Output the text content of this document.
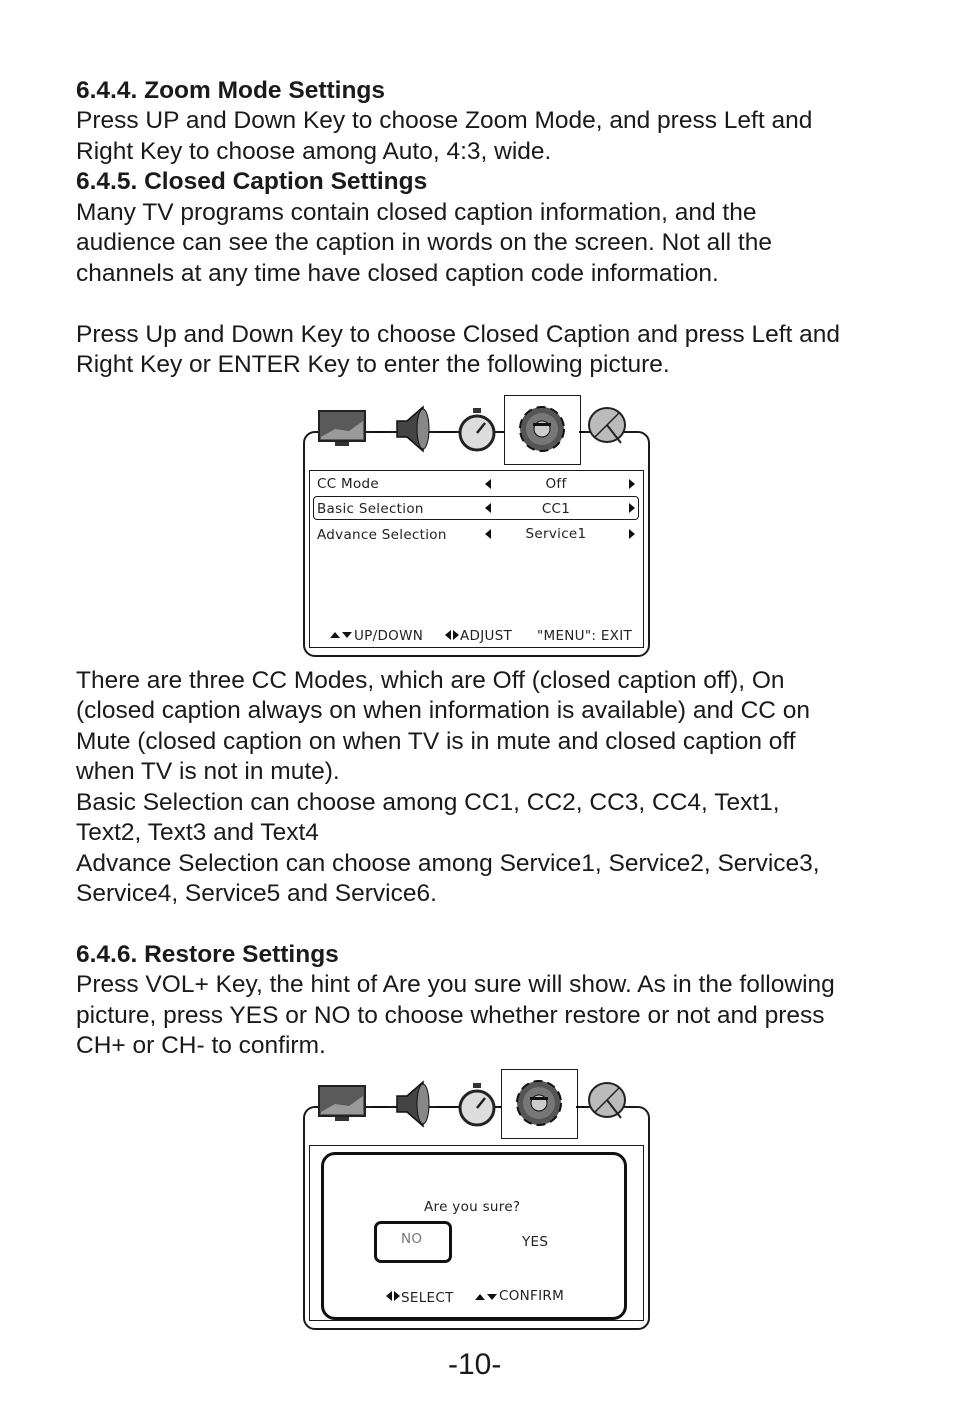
6.4.4. Zoom Mode Settings
Press UP and Down Key to choose Zoom Mode, and press Left and
Right Key to choose among Auto, 4:3, wide.
6.4.5. Closed Caption Settings
Many TV programs contain closed caption information, and the
audience can see the caption in words on the screen. Not all the
channels at any time have closed caption code information.
Press Up and Down Key to choose Closed Caption and press Left and
Right Key or ENTER Key to enter the following picture.
CC Mode	Off
Basic Selection	CC1
Advance Selection	Service1
UP/DOWN	ADJUST "MENU": EXIT
There are three CC Modes, which are Off (closed caption off), On
(closed caption always on when information is available) and CC on
Mute (closed caption on when TV is in mute and closed caption off
when TV is not in mute).
Basic Selection can choose among CC1, CC2, CC3, CC4, Text1,
Text2, Text3 and Text4
Advance Selection can choose among Service1, Service2, Service3,
Service4, Service5 and Service6.
6.4.6. Restore Settings
Press VOL+ Key, the hint of Are you sure will show. As in the following
picture, press YES or NO to choose whether restore or not and press
CH+ or CH- to confirm.
Are you sure?
NO	YES
SELECT	CONFIRM
-10-
